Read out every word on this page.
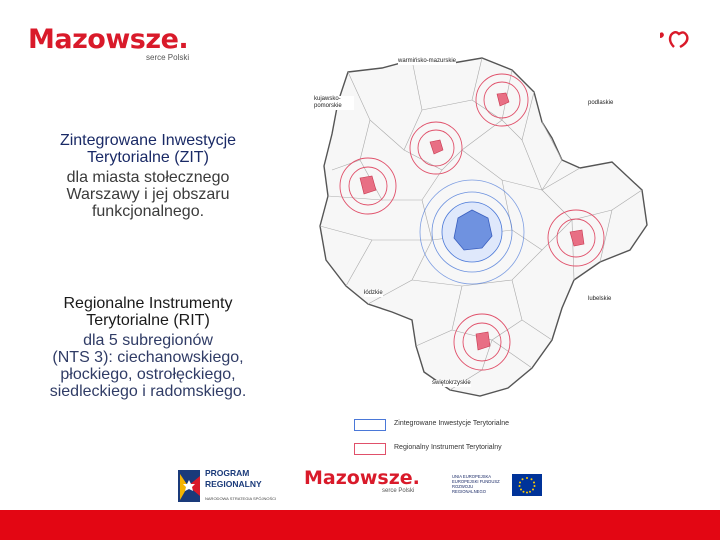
Mazowsze.
serce Polski
Zintegrowane Inwestycje
Terytorialne (ZIT)
dla miasta stołecznego
Warszawy i jej obszaru
funkcjonalnego.
Regionalne Instrumenty
Terytorialne (RIT)
dla 5 subregionów
(NTS 3): ciechanowskiego,
płockiego, ostrołęckiego,
siedleckiego i radomskiego.
warmińsko-mazurskie
kujawsko-pomorskie	podlaskie
łódzkie
lubelskie
świętokrzyskie
Zintegrowane Inwestycje Terytorialne
Regionalny Instrument Terytorialny
PROGRAM
REGIONALNY
NARODOWA STRATEGIA SPÓJNOŚCI
Mazowsze.
serce Polski
UNIA EUROPEJSKA
EUROPEJSKI FUNDUSZ
ROZWOJU REGIONALNEGO
